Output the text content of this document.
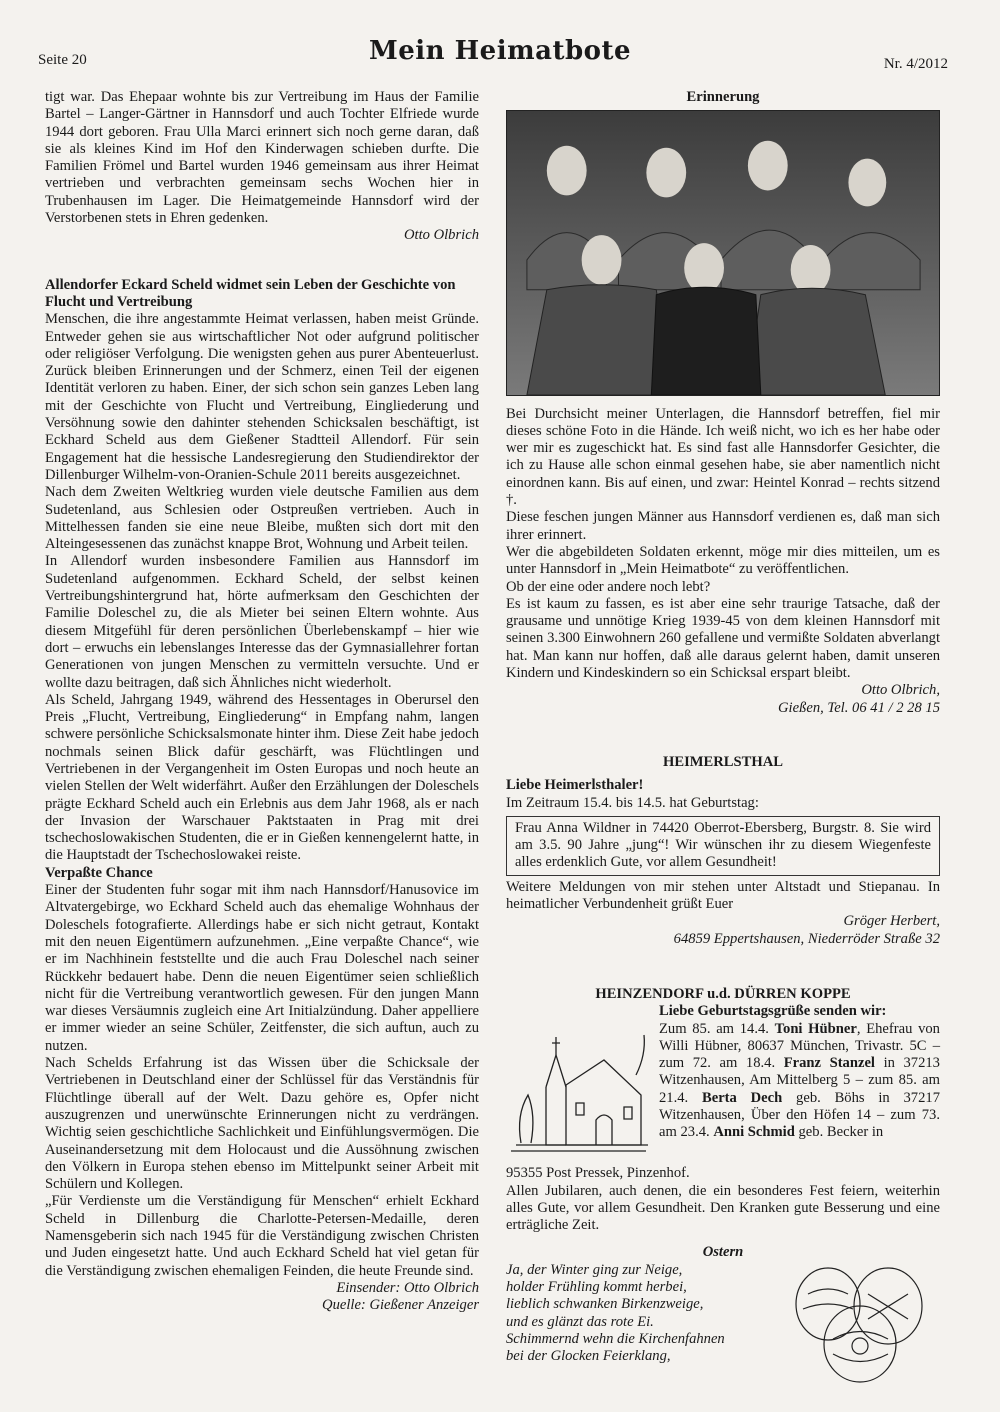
Seite 20	Mein Heimatbote	Nr. 4/2012

tigt war. Das Ehepaar wohnte bis zur Vertreibung im Haus der Familie Bartel – Langer-Gärtner in Hannsdorf und auch Tochter Elfriede wurde 1944 dort geboren. Frau Ulla Marci erinnert sich noch gerne daran, daß sie als kleines Kind im Hof den Kinderwagen schieben durfte. Die Familien Frömel und Bartel wurden 1946 gemeinsam aus ihrer Heimat vertrieben und verbrachten gemeinsam sechs Wochen hier in Trubenhausen im Lager. Die Heimatgemeinde Hannsdorf wird der Verstorbenen stets in Ehren gedenken.

Otto Olbrich

Allendorfer Eckard Scheld widmet sein Leben der Geschichte von Flucht und Vertreibung

Menschen, die ihre angestammte Heimat verlassen, haben meist Gründe. Entweder gehen sie aus wirtschaftlicher Not oder aufgrund politischer oder religiöser Verfolgung. Die wenigsten gehen aus purer Abenteuerlust. Zurück bleiben Erinnerungen und der Schmerz, einen Teil der eigenen Identität verloren zu haben. Einer, der sich schon sein ganzes Leben lang mit der Geschichte von Flucht und Vertreibung, Eingliederung und Versöhnung sowie den dahinter stehenden Schicksalen beschäftigt, ist Eckhard Scheld aus dem Gießener Stadtteil Allendorf. Für sein Engagement hat die hessische Landesregierung den Studiendirektor der Dillenburger Wilhelm-von-Oranien-Schule 2011 bereits ausgezeichnet.

Nach dem Zweiten Weltkrieg wurden viele deutsche Familien aus dem Sudetenland, aus Schlesien oder Ostpreußen vertrieben. Auch in Mittelhessen fanden sie eine neue Bleibe, mußten sich dort mit den Alteingesessenen das zunächst knappe Brot, Wohnung und Arbeit teilen.

In Allendorf wurden insbesondere Familien aus Hannsdorf im Sudetenland aufgenommen. Eckhard Scheld, der selbst keinen Vertreibungshintergrund hat, hörte aufmerksam den Geschichten der Familie Doleschel zu, die als Mieter bei seinen Eltern wohnte. Aus diesem Mitgefühl für deren persönlichen Überlebenskampf – hier wie dort – erwuchs ein lebenslanges Interesse das der Gymnasiallehrer fortan Generationen von jungen Menschen zu vermitteln versuchte. Und er wollte dazu beitragen, daß sich Ähnliches nicht wiederholt.

Als Scheld, Jahrgang 1949, während des Hessentages in Oberursel den Preis „Flucht, Vertreibung, Eingliederung“ in Empfang nahm, langen schwere persönliche Schicksalsmonate hinter ihm. Diese Zeit habe jedoch nochmals seinen Blick dafür geschärft, was Flüchtlingen und Vertriebenen in der Vergangenheit im Osten Europas und noch heute an vielen Stellen der Welt widerfährt. Außer den Erzählungen der Doleschels prägte Eckhard Scheld auch ein Erlebnis aus dem Jahr 1968, als er nach der Invasion der Warschauer Paktstaaten in Prag mit drei tschechoslowakischen Studenten, die er in Gießen kennengelernt hatte, in die Hauptstadt der Tschechoslowakei reiste.

Verpaßte Chance

Einer der Studenten fuhr sogar mit ihm nach Hannsdorf/Hanusovice im Altvatergebirge, wo Eckhard Scheld auch das ehemalige Wohnhaus der Doleschels fotografierte. Allerdings habe er sich nicht getraut, Kontakt mit den neuen Eigentümern aufzunehmen. „Eine verpaßte Chance“, wie er im Nachhinein feststellte und die auch Frau Doleschel nach seiner Rückkehr bedauert habe. Denn die neuen Eigentümer seien schließlich nicht für die Vertreibung verantwortlich gewesen. Für den jungen Mann war dieses Versäumnis zugleich eine Art Initialzündung. Daher appelliere er immer wieder an seine Schüler, Zeitfenster, die sich auftun, auch zu nutzen.

Nach Schelds Erfahrung ist das Wissen über die Schicksale der Vertriebenen in Deutschland einer der Schlüssel für das Verständnis für Flüchtlinge überall auf der Welt. Dazu gehöre es, Opfer nicht auszugrenzen und unerwünschte Erinnerungen nicht zu verdrängen. Wichtig seien geschichtliche Sachlichkeit und Einfühlungsvermögen. Die Auseinandersetzung mit dem Holocaust und die Aussöhnung zwischen den Völkern in Europa stehen ebenso im Mittelpunkt seiner Arbeit mit Schülern und Kollegen.

„Für Verdienste um die Verständigung für Menschen“ erhielt Eckhard Scheld in Dillenburg die Charlotte-Petersen-Medaille, deren Namensgeberin sich nach 1945 für die Verständigung zwischen Christen und Juden eingesetzt hatte. Und auch Eckhard Scheld hat viel getan für die Verständigung zwischen ehemaligen Feinden, die heute Freunde sind.

Einsender: Otto Olbrich

Quelle: Gießener Anzeiger

Erinnerung

Bei Durchsicht meiner Unterlagen, die Hannsdorf betreffen, fiel mir dieses schöne Foto in die Hände. Ich weiß nicht, wo ich es her habe oder wer mir es zugeschickt hat. Es sind fast alle Hannsdorfer Gesichter, die ich zu Hause alle schon einmal gesehen habe, sie aber namentlich nicht einordnen kann. Bis auf einen, und zwar: Heintel Konrad – rechts sitzend †.

Diese feschen jungen Männer aus Hannsdorf verdienen es, daß man sich ihrer erinnert.

Wer die abgebildeten Soldaten erkennt, möge mir dies mitteilen, um es unter Hannsdorf in „Mein Heimatbote“ zu veröffentlichen.

Ob der eine oder andere noch lebt?

Es ist kaum zu fassen, es ist aber eine sehr traurige Tatsache, daß der grausame und unnötige Krieg 1939-45 von dem kleinen Hannsdorf mit seinen 3.300 Einwohnern 260 gefallene und vermißte Soldaten abverlangt hat. Man kann nur hoffen, daß alle daraus gelernt haben, damit unseren Kindern und Kindeskindern so ein Schicksal erspart bleibt.

Otto Olbrich,

Gießen, Tel. 06 41 / 2 28 15

HEIMERLSTHAL

Liebe Heimerlsthaler!

Im Zeitraum 15.4. bis 14.5. hat Geburtstag:

Frau Anna Wildner in 74420 Oberrot-Ebersberg, Burgstr. 8. Sie wird am 3.5. 90 Jahre „jung“! Wir wünschen ihr zu diesem Wiegenfeste alles erdenklich Gute, vor allem Gesundheit!

Weitere Meldungen von mir stehen unter Altstadt und Stiepanau. In heimatlicher Verbundenheit grüßt Euer

Gröger Herbert,

64859 Eppertshausen, Niederröder Straße 32

HEINZENDORF u.d. DÜRREN KOPPE

Liebe Geburtstagsgrüße senden wir:

Zum 85. am 14.4. Toni Hübner, Ehefrau von Willi Hübner, 80637 München, Trivastr. 5C – zum 72. am 18.4. Franz Stanzel in 37213 Witzenhausen, Am Mittelberg 5 – zum 85. am 21.4. Berta Dech geb. Böhs in 37217 Witzenhausen, Über den Höfen 14 – zum 73. am 23.4. Anni Schmid geb. Becker in

95355 Post Pressek, Pinzenhof.

Allen Jubilaren, auch denen, die ein besonderes Fest feiern, weiterhin alles Gute, vor allem Gesundheit. Den Kranken gute Besserung und eine erträgliche Zeit.

Ostern

Ja, der Winter ging zur Neige,

holder Frühling kommt herbei,

lieblich schwanken Birkenzweige,

und es glänzt das rote Ei.

Schimmernd wehn die Kirchenfahnen

bei der Glocken Feierklang,
